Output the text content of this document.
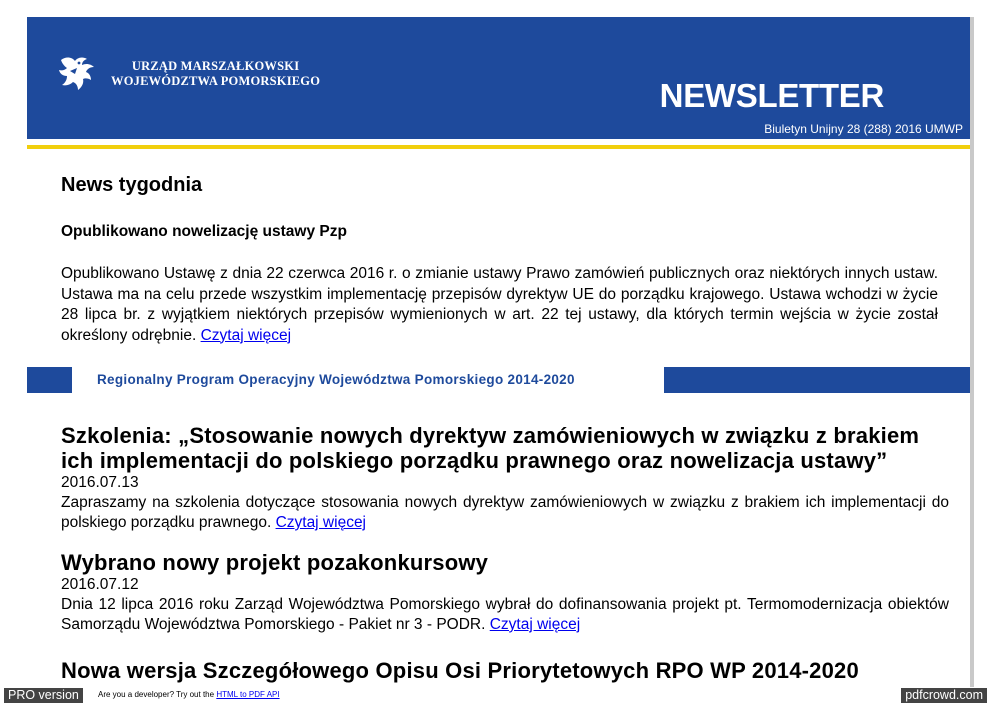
URZĄD MARSZAŁKOWSKI
WOJEWÓDZTWA POMORSKIEGO	NEWSLETTER
Biuletyn Unijny 28 (288) 2016 UMWP
News tygodnia
Opublikowano nowelizację ustawy Pzp
Opublikowano Ustawę z dnia 22 czerwca 2016 r. o zmianie ustawy Prawo zamówień publicznych oraz niektórych innych ustaw. Ustawa ma na celu przede wszystkim implementację przepisów dyrektyw UE do porządku krajowego. Ustawa wchodzi w życie 28 lipca br. z wyjątkiem niektórych przepisów wymienionych w art. 22 tej ustawy, dla których termin wejścia w życie został określony odrębnie. Czytaj więcej
Regionalny Program Operacyjny Województwa Pomorskiego 2014-2020
Szkolenia: „Stosowanie nowych dyrektyw zamówieniowych w związku z brakiem ich implementacji do polskiego porządku prawnego oraz nowelizacja ustawy”
2016.07.13
Zapraszamy na szkolenia dotyczące stosowania nowych dyrektyw zamówieniowych w związku z brakiem ich implementacji do polskiego porządku prawnego. Czytaj więcej
Wybrano nowy projekt pozakonkursowy
2016.07.12
Dnia 12 lipca 2016 roku Zarząd Województwa Pomorskiego wybrał do dofinansowania projekt pt. Termomodernizacja obiektów Samorządu Województwa Pomorskiego - Pakiet nr 3 - PODR. Czytaj więcej
Nowa wersja Szczegółowego Opisu Osi Priorytetowych RPO WP 2014-2020
PRO version	Are you a developer? Try out the HTML to PDF API	pdfcrowd.com
